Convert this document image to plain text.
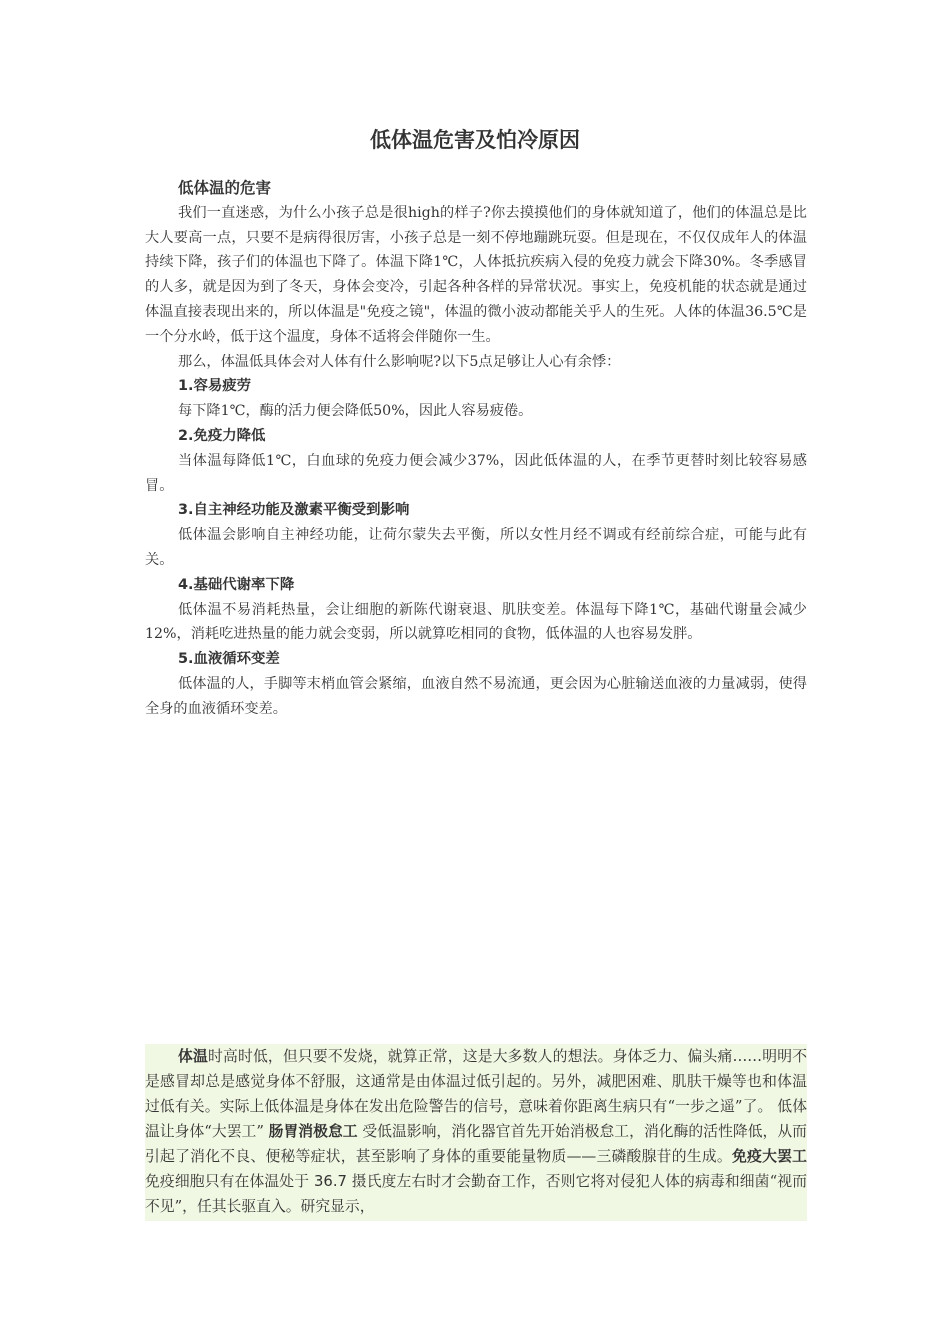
低体温危害及怕冷原因

低体温的危害

我们一直迷惑，为什么小孩子总是很high的样子?你去摸摸他们的身体就知道了，他们的体温总是比大人要高一点，只要不是病得很厉害，小孩子总是一刻不停地蹦跳玩耍。但是现在，不仅仅成年人的体温持续下降，孩子们的体温也下降了。体温下降1℃，人体抵抗疾病入侵的免疫力就会下降30%。冬季感冒的人多，就是因为到了冬天，身体会变冷，引起各种各样的异常状况。事实上，免疫机能的状态就是通过体温直接表现出来的，所以体温是"免疫之镜"，体温的微小波动都能关乎人的生死。人体的体温36.5℃是一个分水岭，低于这个温度，身体不适将会伴随你一生。

那么，体温低具体会对人体有什么影响呢?以下5点足够让人心有余悸：

1.容易疲劳

每下降1℃，酶的活力便会降低50%，因此人容易疲倦。

2.免疫力降低

当体温每降低1℃，白血球的免疫力便会减少37%，因此低体温的人，在季节更替时刻比较容易感冒。

3.自主神经功能及激素平衡受到影响

低体温会影响自主神经功能，让荷尔蒙失去平衡，所以女性月经不调或有经前综合症，可能与此有关。

4.基础代谢率下降

低体温不易消耗热量，会让细胞的新陈代谢衰退、肌肤变差。体温每下降1℃，基础代谢量会减少12%，消耗吃进热量的能力就会变弱，所以就算吃相同的食物，低体温的人也容易发胖。

5.血液循环变差

低体温的人，手脚等末梢血管会紧缩，血液自然不易流通，更会因为心脏输送血液的力量减弱，使得全身的血液循环变差。

体温时高时低，但只要不发烧，就算正常，这是大多数人的想法。身体乏力、偏头痛……明明不是感冒却总是感觉身体不舒服，这通常是由体温过低引起的。另外，减肥困难、肌肤干燥等也和体温过低有关。实际上低体温是身体在发出危险警告的信号，意味着你距离生病只有“一步之遥”了。 低体温让身体“大罢工” 肠胃消极怠工 受低温影响，消化器官首先开始消极怠工，消化酶的活性降低，从而引起了消化不良、便秘等症状，甚至影响了身体的重要能量物质——三磷酸腺苷的生成。免疫大罢工 免疫细胞只有在体温处于 36.7 摄氏度左右时才会勤奋工作，否则它将对侵犯人体的病毒和细菌“视而不见”，任其长驱直入。研究显示，
